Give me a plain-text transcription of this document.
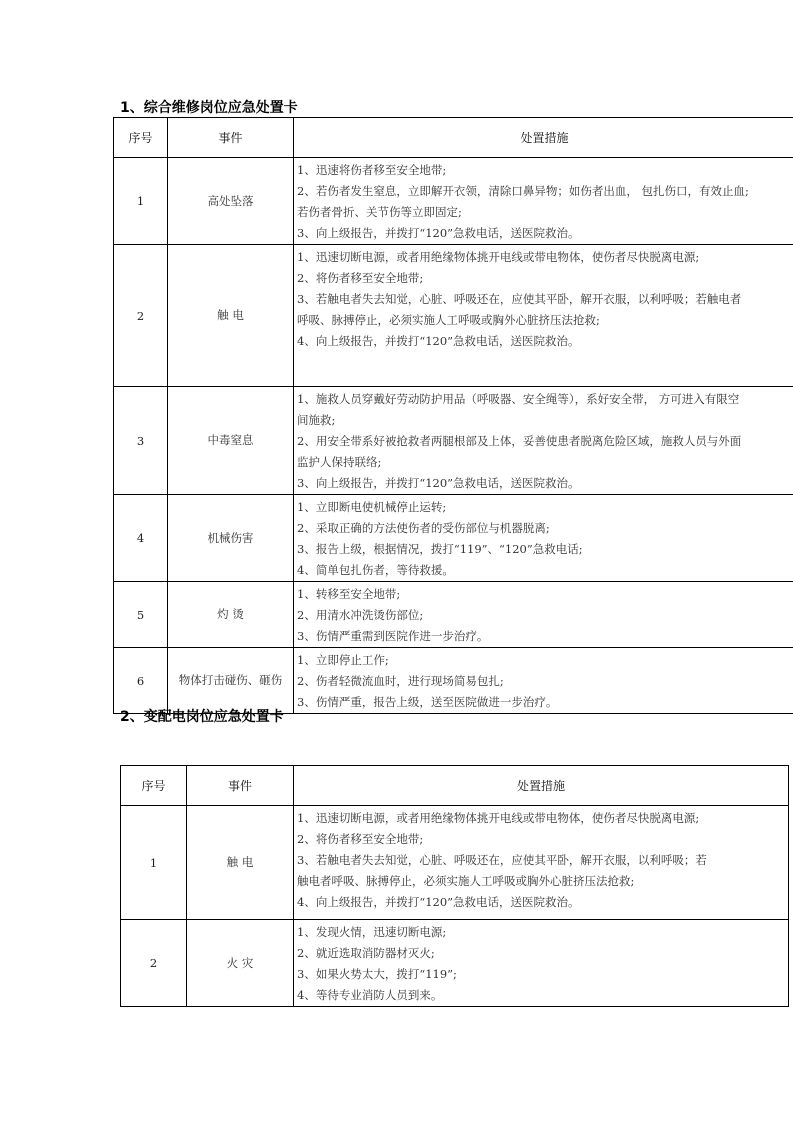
1、综合维修岗位应急处置卡
序号	事件	处置措施
1	高处坠落	1、迅速将伤者移至安全地带;
2、若伤者发生窒息，立即解开衣领，清除口鼻异物；如伤者出血， 包扎伤口，有效止血;
若伤者骨折、关节伤等立即固定;
3、向上级报告，并拨打“120”急救电话，送医院救治。

2	触 电	1、迅速切断电源，或者用绝缘物体挑开电线或带电物体，使伤者尽快脱离电源;
2、将伤者移至安全地带;
3、若触电者失去知觉，心脏、呼吸还在，应使其平卧，解开衣服，以利呼吸；若触电者
呼吸、脉搏停止，必须实施人工呼吸或胸外心脏挤压法抢救;
4、向上级报告，并拨打“120”急救电话，送医院救治。

3	中毒窒息	1、施救人员穿戴好劳动防护用品（呼吸器、安全绳等），系好安全带， 方可进入有限空
间施救;
2、用安全带系好被抢救者两腿根部及上体，妥善使患者脱离危险区域，施救人员与外面
监护人保持联络;
3、向上级报告，并拨打“120”急救电话，送医院救治。

4	机械伤害	1、立即断电使机械停止运转;
2、采取正确的方法使伤者的受伤部位与机器脱离;
3、报告上级，根据情况，拨打“119”、“120”急救电话;
4、简单包扎伤者，等待救援。

5	灼 烫	1、转移至安全地带;
2、用清水冲洗烫伤部位;
3、伤情严重需到医院作进一步治疗。

6	物体打击碰伤、砸伤	1、立即停止工作;
2、伤者轻微流血时，进行现场简易包扎;
3、伤情严重，报告上级，送至医院做进一步治疗。
2、变配电岗位应急处置卡
序号	事件	处置措施
1	触 电	1、迅速切断电源，或者用绝缘物体挑开电线或带电物体，使伤者尽快脱离电源;
2、将伤者移至安全地带;
3、若触电者失去知觉，心脏、呼吸还在，应使其平卧，解开衣服，以利呼吸；若
触电者呼吸、脉搏停止，必须实施人工呼吸或胸外心脏挤压法抢救;
4、向上级报告，并拨打“120”急救电话，送医院救治。

2	火 灾	1、发现火情，迅速切断电源;
2、就近选取消防器材灭火;
3、如果火势太大，拨打“119”;
4、等待专业消防人员到来。
